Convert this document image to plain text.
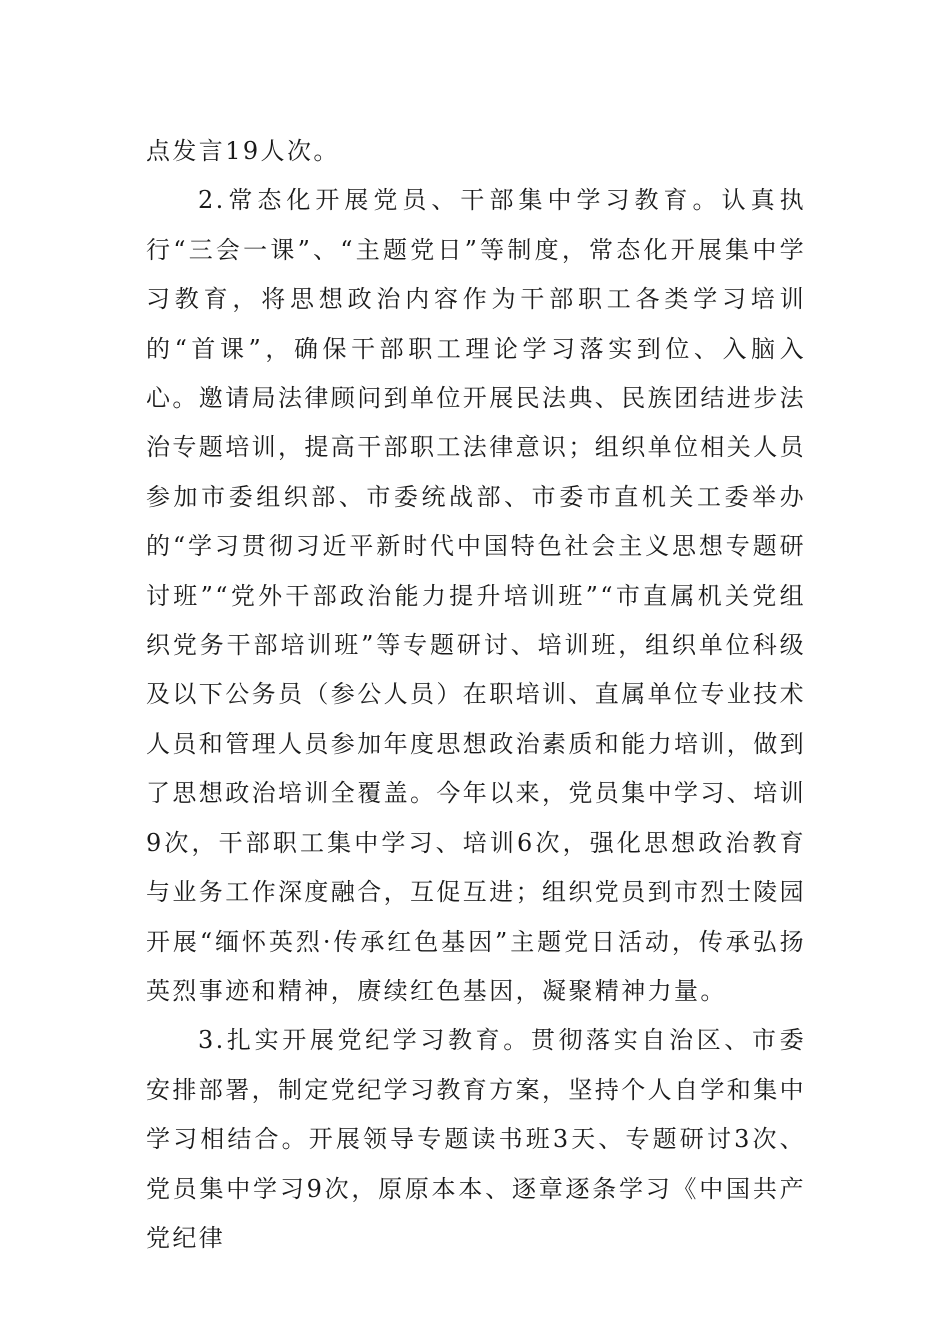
点发言19人次。

2.常态化开展党员、干部集中学习教育。认真执行“三会一课”、“主题党日”等制度，常态化开展集中学习教育，将思想政治内容作为干部职工各类学习培训的“首课”，确保干部职工理论学习落实到位、入脑入心。邀请局法律顾问到单位开展民法典、民族团结进步法治专题培训，提高干部职工法律意识；组织单位相关人员参加市委组织部、市委统战部、市委市直机关工委举办的“学习贯彻习近平新时代中国特色社会主义思想专题研讨班”“党外干部政治能力提升培训班”“市直属机关党组织党务干部培训班”等专题研讨、培训班，组织单位科级及以下公务员（参公人员）在职培训、直属单位专业技术人员和管理人员参加年度思想政治素质和能力培训，做到了思想政治培训全覆盖。今年以来，党员集中学习、培训9次，干部职工集中学习、培训6次，强化思想政治教育与业务工作深度融合，互促互进；组织党员到市烈士陵园开展“缅怀英烈·传承红色基因”主题党日活动，传承弘扬英烈事迹和精神，赓续红色基因，凝聚精神力量。

3.扎实开展党纪学习教育。贯彻落实自治区、市委安排部署，制定党纪学习教育方案，坚持个人自学和集中学习相结合。开展领导专题读书班3天、专题研讨3次、党员集中学习9次，原原本本、逐章逐条学习《中国共产党纪律
